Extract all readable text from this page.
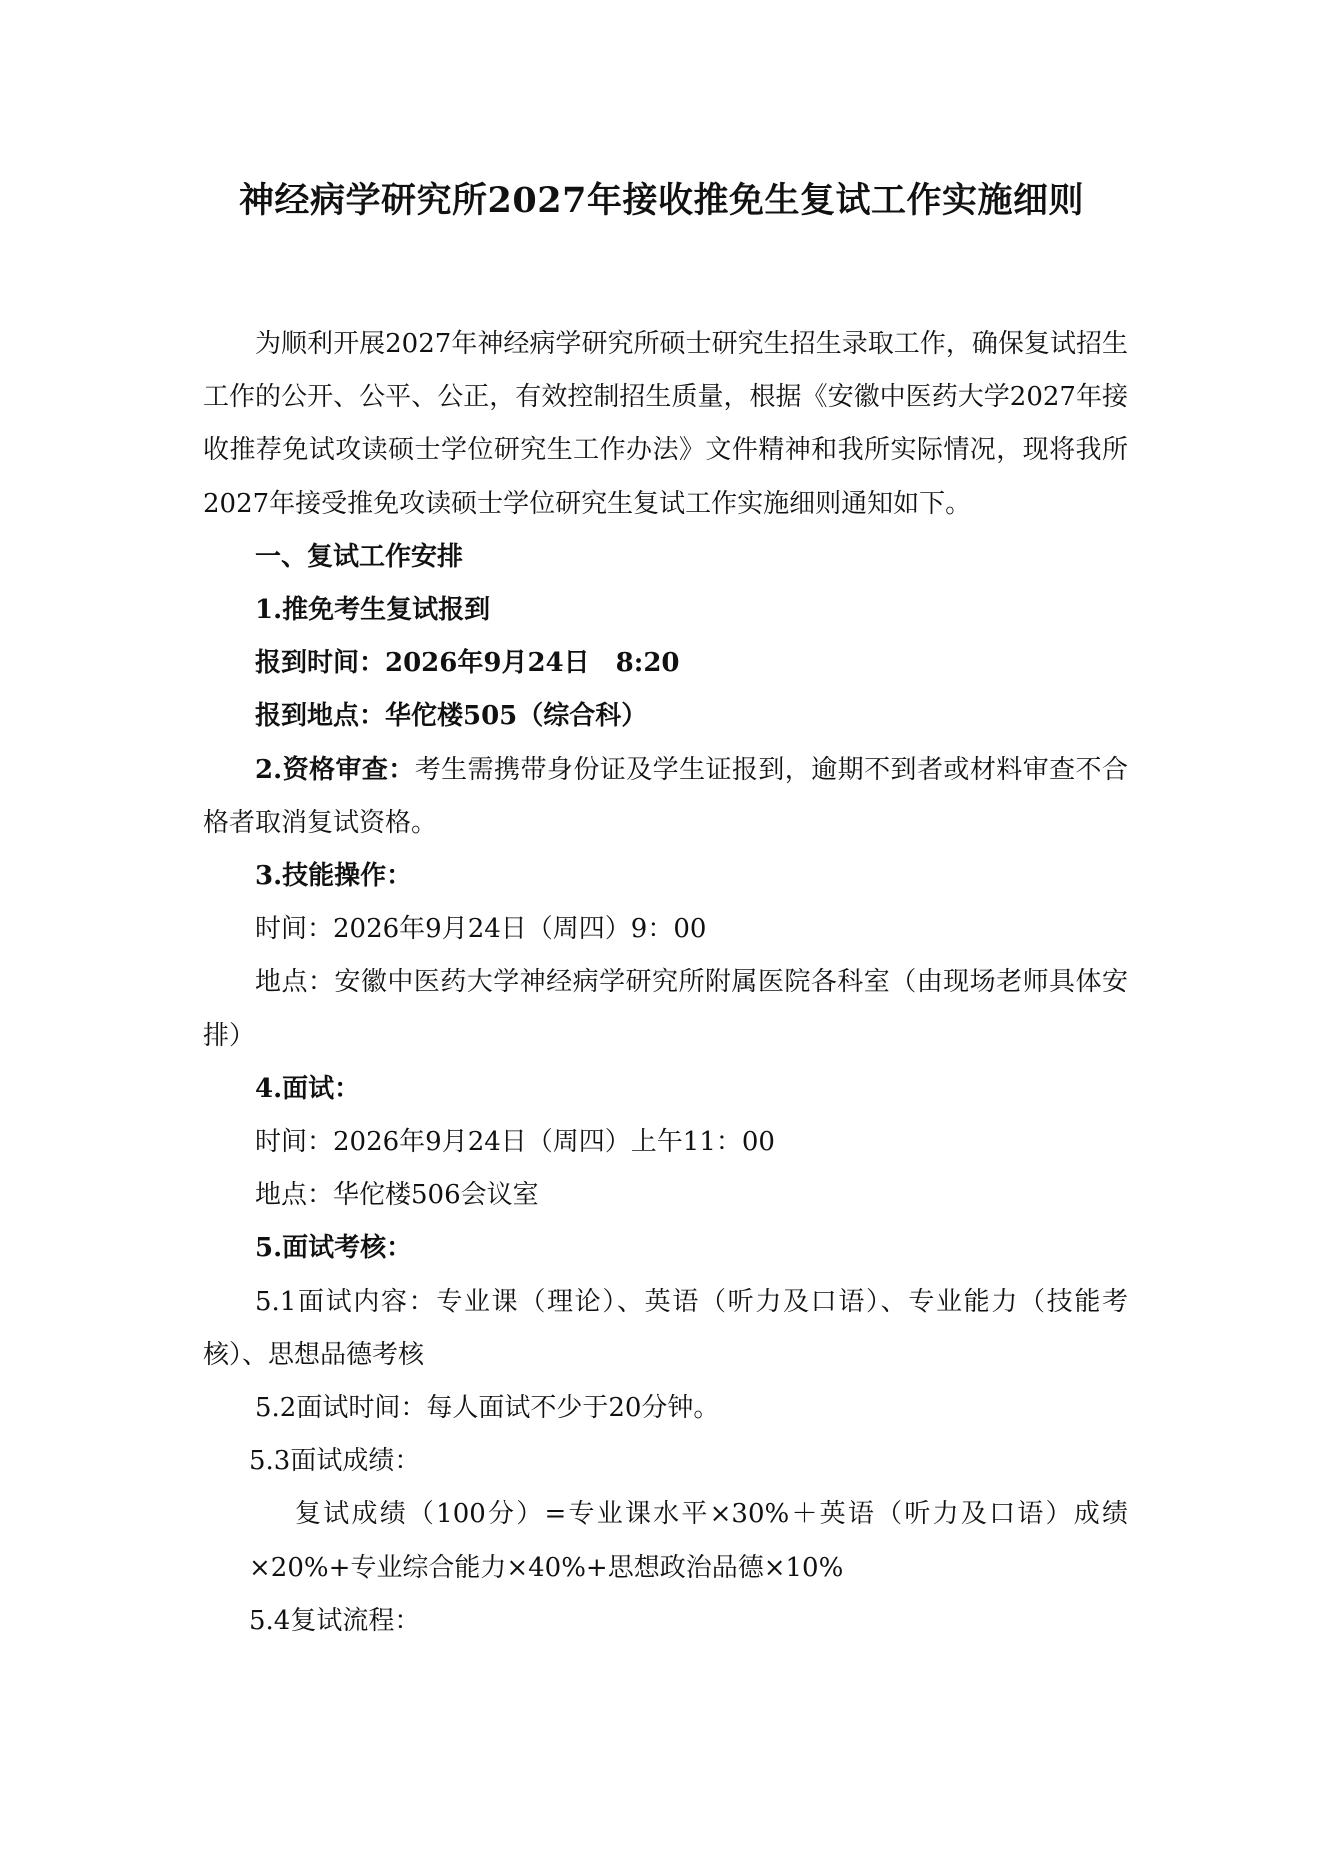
神经病学研究所2027年接收推免生复试工作实施细则

为顺利开展2027年神经病学研究所硕士研究生招生录取工作，确保复试招生工作的公开、公平、公正，有效控制招生质量，根据《安徽中医药大学2027年接收推荐免试攻读硕士学位研究生工作办法》文件精神和我所实际情况，现将我所2027年接受推免攻读硕士学位研究生复试工作实施细则通知如下。

一、复试工作安排

1.推免考生复试报到

报到时间：2026年9月24日　8:20

报到地点：华佗楼505（综合科）

2.资格审查：考生需携带身份证及学生证报到，逾期不到者或材料审查不合格者取消复试资格。

3.技能操作：

时间：2026年9月24日（周四）9：00

地点：安徽中医药大学神经病学研究所附属医院各科室（由现场老师具体安排）

4.面试：

时间：2026年9月24日（周四）上午11：00

地点：华佗楼506会议室

5.面试考核：

5.1面试内容：专业课（理论）、英语（听力及口语）、专业能力（技能考核）、思想品德考核

5.2面试时间：每人面试不少于20分钟。

5.3面试成绩：

复试成绩（100分）=专业课水平×30%＋英语（听力及口语）成绩×20%+专业综合能力×40%+思想政治品德×10%

5.4复试流程：
